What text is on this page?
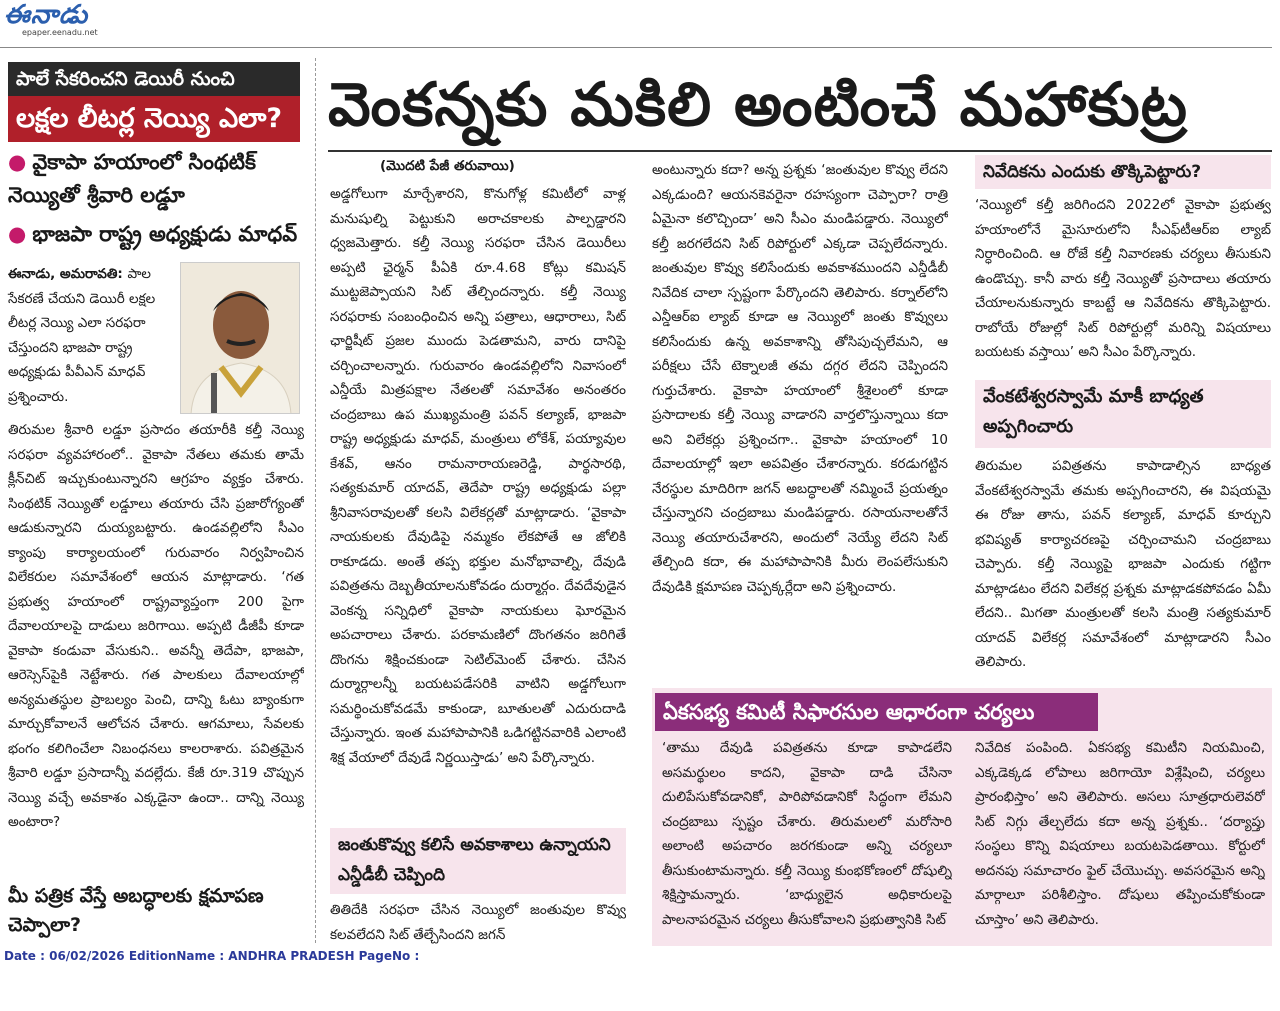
ఈనాడు
epaper.eenadu.net
పాలే సేకరించని డెయిరీ నుంచి
లక్షల లీటర్ల నెయ్యి ఎలా?
● వైకాపా హయాంలో సింథటిక్ నెయ్యితో శ్రీవారి లడ్డూ
● భాజపా రాష్ట్ర అధ్యక్షుడు మాధవ్
ఈనాడు, అమరావతి: పాల సేకరణే చేయని డెయిరీ లక్షల లీటర్ల నెయ్యి ఎలా సరఫరా చేస్తుందని భాజపా రాష్ట్ర అధ్యక్షుడు పీవీఎన్ మాధవ్ ప్రశ్నించారు.
తిరుమల శ్రీవారి లడ్డూ ప్రసాదం తయారీకి కల్తీ నెయ్యి సరఫరా వ్యవహారంలో.. వైకాపా నేతలు తమకు తామే క్లీన్‌చిట్ ఇచ్చుకుంటున్నారని ఆగ్రహం వ్యక్తం చేశారు. సింథటిక్ నెయ్యితో లడ్డూలు తయారు చేసి ప్రజారోగ్యంతో ఆడుకున్నారని దుయ్యబట్టారు. ఉండవల్లిలోని సీఎం క్యాంపు కార్యాలయంలో గురువారం నిర్వహించిన విలేకరుల సమావేశంలో ఆయన మాట్లాడారు. ‘గత ప్రభుత్వ హయాంలో రాష్ట్రవ్యాప్తంగా 200 పైగా దేవాలయాలపై దాడులు జరిగాయి. అప్పటి డీజీపీ కూడా వైకాపా కండువా వేసుకుని.. అవన్నీ తెదేపా, భాజపా, ఆరెస్సెస్‌పైకి నెట్టేశారు. గత పాలకులు దేవాలయాల్లో అన్యమతస్థుల ప్రాబల్యం పెంచి, దాన్ని ఓటు బ్యాంకుగా మార్చుకోవాలనే ఆలోచన చేశారు. ఆగమాలు, సేవలకు భంగం కలిగించేలా నిబంధనలు కాలరాశారు. పవిత్రమైన శ్రీవారి లడ్డూ ప్రసాదాన్నీ వదల్లేదు. కేజీ రూ.319 చొప్పున నెయ్యి వచ్చే అవకాశం ఎక్కడైనా ఉందా.. దాన్ని నెయ్యి అంటారా?
మీ పత్రిక వేస్తే అబద్ధాలకు క్షమాపణ చెప్పాలా?
వెంకన్నకు మకిలి అంటించే మహాకుట్ర
(మొదటి పేజీ తరువాయి)
అడ్డగోలుగా మార్చేశారని, కొనుగోళ్ల కమిటీలో వాళ్ల మనుషుల్ని పెట్టుకుని అరాచకాలకు పాల్పడ్డారని ధ్వజమెత్తారు. కల్తీ నెయ్యి సరఫరా చేసిన డెయిరీలు అప్పటి ఛైర్మన్ పీఏకి రూ.4.68 కోట్లు కమిషన్ ముట్టజెప్పాయని సిట్ తేల్చిందన్నారు. కల్తీ నెయ్యి సరఫరాకు సంబంధించిన అన్ని పత్రాలు, ఆధారాలు, సిట్ ఛార్జిషీట్ ప్రజల ముందు పెడతామని, వారు దానిపై చర్చించాలన్నారు. గురువారం ఉండవల్లిలోని నివాసంలో ఎన్డీయే మిత్రపక్షాల నేతలతో సమావేశం అనంతరం చంద్రబాబు ఉప ముఖ్యమంత్రి పవన్ కల్యాణ్, భాజపా రాష్ట్ర అధ్యక్షుడు మాధవ్, మంత్రులు లోకేశ్, పయ్యావుల కేశవ్, ఆనం రామనారాయణరెడ్డి, పార్థసారథి, సత్యకుమార్ యాదవ్, తెదేపా రాష్ట్ర అధ్యక్షుడు పల్లా శ్రీనివాసరావులతో కలసి విలేకర్లతో మాట్లాడారు. ‘వైకాపా నాయకులకు దేవుడిపై నమ్మకం లేకపోతే ఆ జోలికి రాకూడదు. అంతే తప్ప భక్తుల మనోభావాల్ని, దేవుడి పవిత్రతను దెబ్బతీయాలనుకోవడం దుర్మార్గం. దేవదేవుడైన వెంకన్న సన్నిధిలో వైకాపా నాయకులు ఘోరమైన అపచారాలు చేశారు. పరకామణిలో దొంగతనం జరిగితే దొంగను శిక్షించకుండా సెటిల్‌మెంట్ చేశారు. చేసిన దుర్మార్గాలన్నీ బయటపడేసరికి వాటిని అడ్డగోలుగా సమర్థించుకోవడమే కాకుండా, బూతులతో ఎదురుదాడి చేస్తున్నారు. ఇంత మహాపాపానికి ఒడిగట్టినవారికి ఎలాంటి శిక్ష వేయాలో దేవుడే నిర్ణయిస్తాడు’ అని పేర్కొన్నారు.
జంతుకొవ్వు కలిసే అవకాశాలు ఉన్నాయని ఎన్డీడీబీ చెప్పింది
తితిదేకి సరఫరా చేసిన నెయ్యిలో జంతువుల కొవ్వు కలవలేదని సిట్ తేల్చేసిందని జగన్
అంటున్నారు కదా? అన్న ప్రశ్నకు ‘జంతువుల కొవ్వు లేదని ఎక్కడుంది? ఆయనకెవరైనా రహస్యంగా చెప్పారా? రాత్రి ఏమైనా కలొచ్చిందా’ అని సీఎం మండిపడ్డారు. నెయ్యిలో కల్తీ జరగలేదని సిట్ రిపోర్టులో ఎక్కడా చెప్పలేదన్నారు. జంతువుల కొవ్వు కలిసేందుకు అవకాశముందని ఎన్డీడీబీ నివేదిక చాలా స్పష్టంగా పేర్కొందని తెలిపారు. కర్నాల్‌లోని ఎన్డీఆర్ఐ ల్యాబ్ కూడా ఆ నెయ్యిలో జంతు కొవ్వులు కలిసేందుకు ఉన్న అవకాశాన్ని తోసిపుచ్చలేమని, ఆ పరీక్షలు చేసే టెక్నాలజీ తమ దగ్గర లేదని చెప్పిందని గుర్తుచేశారు. వైకాపా హయాంలో శ్రీశైలంలో కూడా ప్రసాదాలకు కల్తీ నెయ్యి వాడారని వార్తలొస్తున్నాయి కదా అని విలేకర్లు ప్రశ్నించగా.. వైకాపా హయాంలో 10 దేవాలయాల్లో ఇలా అపవిత్రం చేశారన్నారు. కరడుగట్టిన నేరస్థుల మాదిరిగా జగన్ అబద్ధాలతో నమ్మించే ప్రయత్నం చేస్తున్నారని చంద్రబాబు మండిపడ్డారు. రసాయనాలతోనే నెయ్యి తయారుచేశారని, అందులో నెయ్యే లేదని సిట్ తేల్చింది కదా, ఈ మహాపాపానికి మీరు లెంపలేసుకుని దేవుడికి క్షమాపణ చెప్పక్కర్లేదా అని ప్రశ్నించారు.
నివేదికను ఎందుకు తొక్కిపెట్టారు?
‘నెయ్యిలో కల్తీ జరిగిందని 2022లో వైకాపా ప్రభుత్వ హయాంలోనే మైసూరులోని సీఎఫ్‌టీఆర్ఐ ల్యాబ్ నిర్ధారించింది. ఆ రోజే కల్తీ నివారణకు చర్యలు తీసుకుని ఉండొచ్చు. కానీ వారు కల్తీ నెయ్యితో ప్రసాదాలు తయారు చేయాలనుకున్నారు కాబట్టే ఆ నివేదికను తొక్కిపెట్టారు. రాబోయే రోజుల్లో సిట్ రిపోర్టుల్లో మరిన్ని విషయాలు బయటకు వస్తాయి’ అని సీఎం పేర్కొన్నారు.
వేంకటేశ్వరస్వామే మాకీ బాధ్యత అప్పగించారు
తిరుమల పవిత్రతను కాపాడాల్సిన బాధ్యత వేంకటేశ్వరస్వామే తమకు అప్పగించారని, ఈ విషయమై ఈ రోజు తాను, పవన్ కల్యాణ్, మాధవ్ కూర్చుని భవిష్యత్ కార్యాచరణపై చర్చించామని చంద్రబాబు చెప్పారు. కల్తీ నెయ్యిపై భాజపా ఎందుకు గట్టిగా మాట్లాడటం లేదని విలేకర్ల ప్రశ్నకు మాట్లాడకపోవడం ఏమీ లేదని.. మిగతా మంత్రులతో కలసి మంత్రి సత్యకుమార్ యాదవ్ విలేకర్ల సమావేశంలో మాట్లాడారని సీఎం తెలిపారు.
ఏకసభ్య కమిటీ సిఫారసుల ఆధారంగా చర్యలు
‘తాము దేవుడి పవిత్రతను కూడా కాపాడలేని అసమర్థులం కాదని, వైకాపా దాడి చేసినా దులిపేసుకోవడానికో, పారిపోవడానికో సిద్ధంగా లేమని చంద్రబాబు స్పష్టం చేశారు. తిరుమలలో మరోసారి అలాంటి అపచారం జరగకుండా అన్ని చర్యలూ తీసుకుంటామన్నారు. కల్తీ నెయ్యి కుంభకోణంలో దోషుల్ని శిక్షిస్తామన్నారు. ‘బాధ్యులైన అధికారులపై పాలనాపరమైన చర్యలు తీసుకోవాలని ప్రభుత్వానికి సిట్
నివేదిక పంపింది. ఏకసభ్య కమిటీని నియమించి, ఎక్కడెక్కడ లోపాలు జరిగాయో విశ్లేషించి, చర్యలు ప్రారంభిస్తాం’ అని తెలిపారు. అసలు సూత్రధారులెవరో సిట్ నిగ్గు తేల్చలేదు కదా అన్న ప్రశ్నకు.. ‘దర్యాప్తు సంస్థలు కొన్ని విషయాలు బయటపెడతాయి. కోర్టులో అదనపు సమాచారం ఫైల్ చేయొచ్చు. అవసరమైన అన్ని మార్గాలూ పరిశీలిస్తాం. దోషులు తప్పించుకోకుండా చూస్తాం’ అని తెలిపారు.
Date : 06/02/2026 EditionName : ANDHRA PRADESH PageNo :
